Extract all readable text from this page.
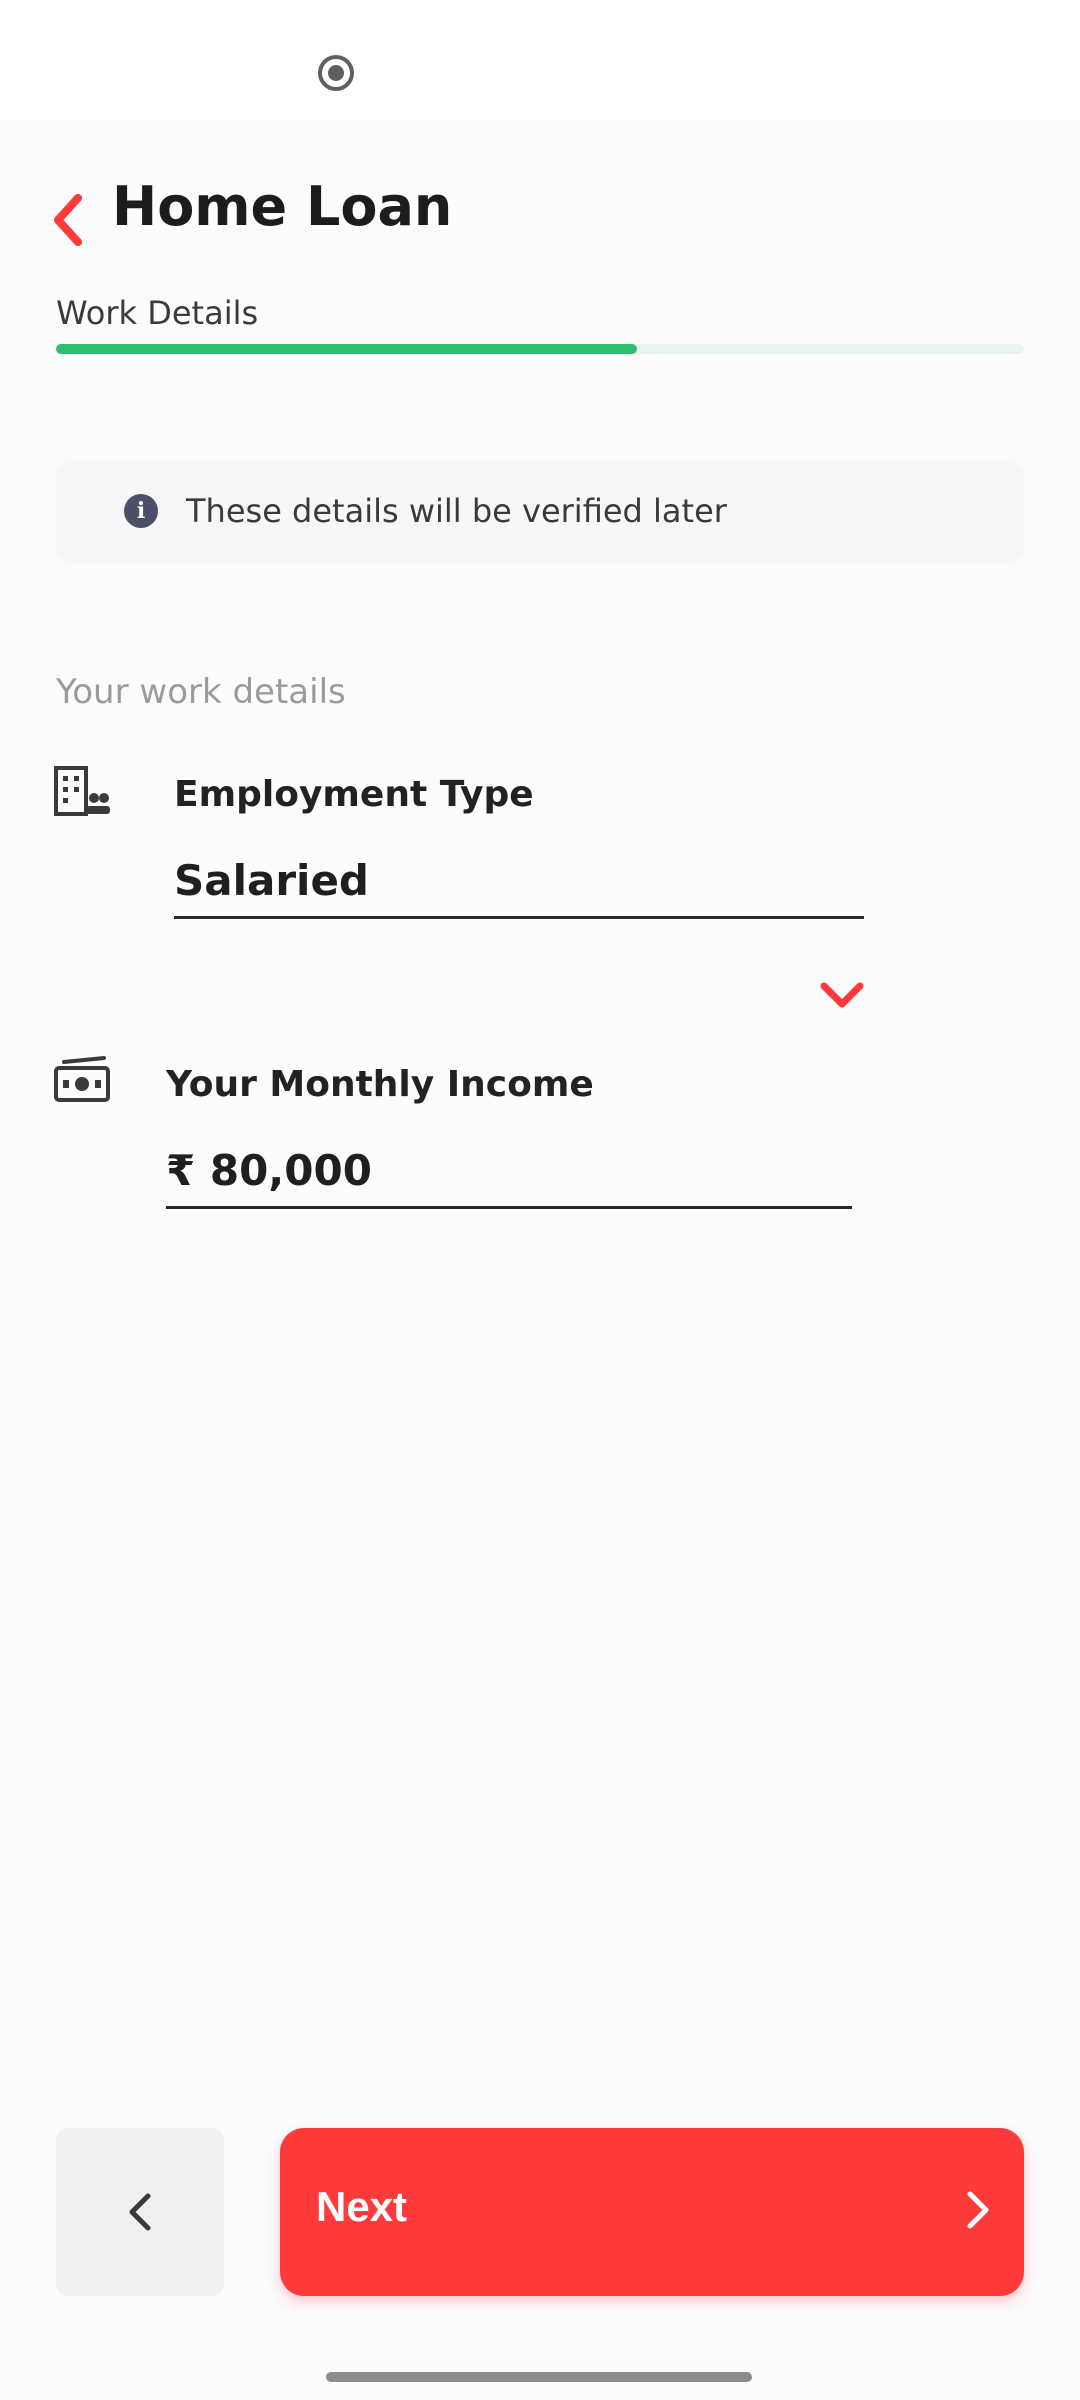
Home Loan
Work Details
i	These details will be verified later
Your work details
Employment Type
Salaried
Your Monthly Income
₹ 80,000
Next
